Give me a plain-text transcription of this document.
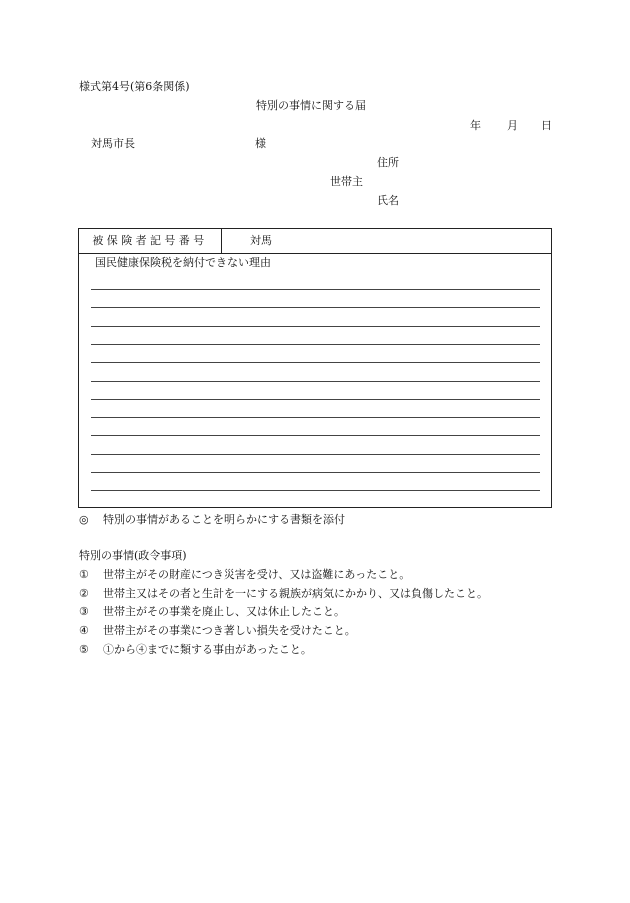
様式第4号(第6条関係)
特別の事情に関する届
年 月 日
対馬市長	様
住所
世帯主
氏名
被保険者記号番号	対馬
国民健康保険税を納付できない理由
◎ 特別の事情があることを明らかにする書類を添付
特別の事情(政令事項)
① 世帯主がその財産につき災害を受け、又は盗難にあったこと。
② 世帯主又はその者と生計を一にする親族が病気にかかり、又は負傷したこと。
③ 世帯主がその事業を廃止し、又は休止したこと。
④ 世帯主がその事業につき著しい損失を受けたこと。
⑤ ①から④までに類する事由があったこと。
